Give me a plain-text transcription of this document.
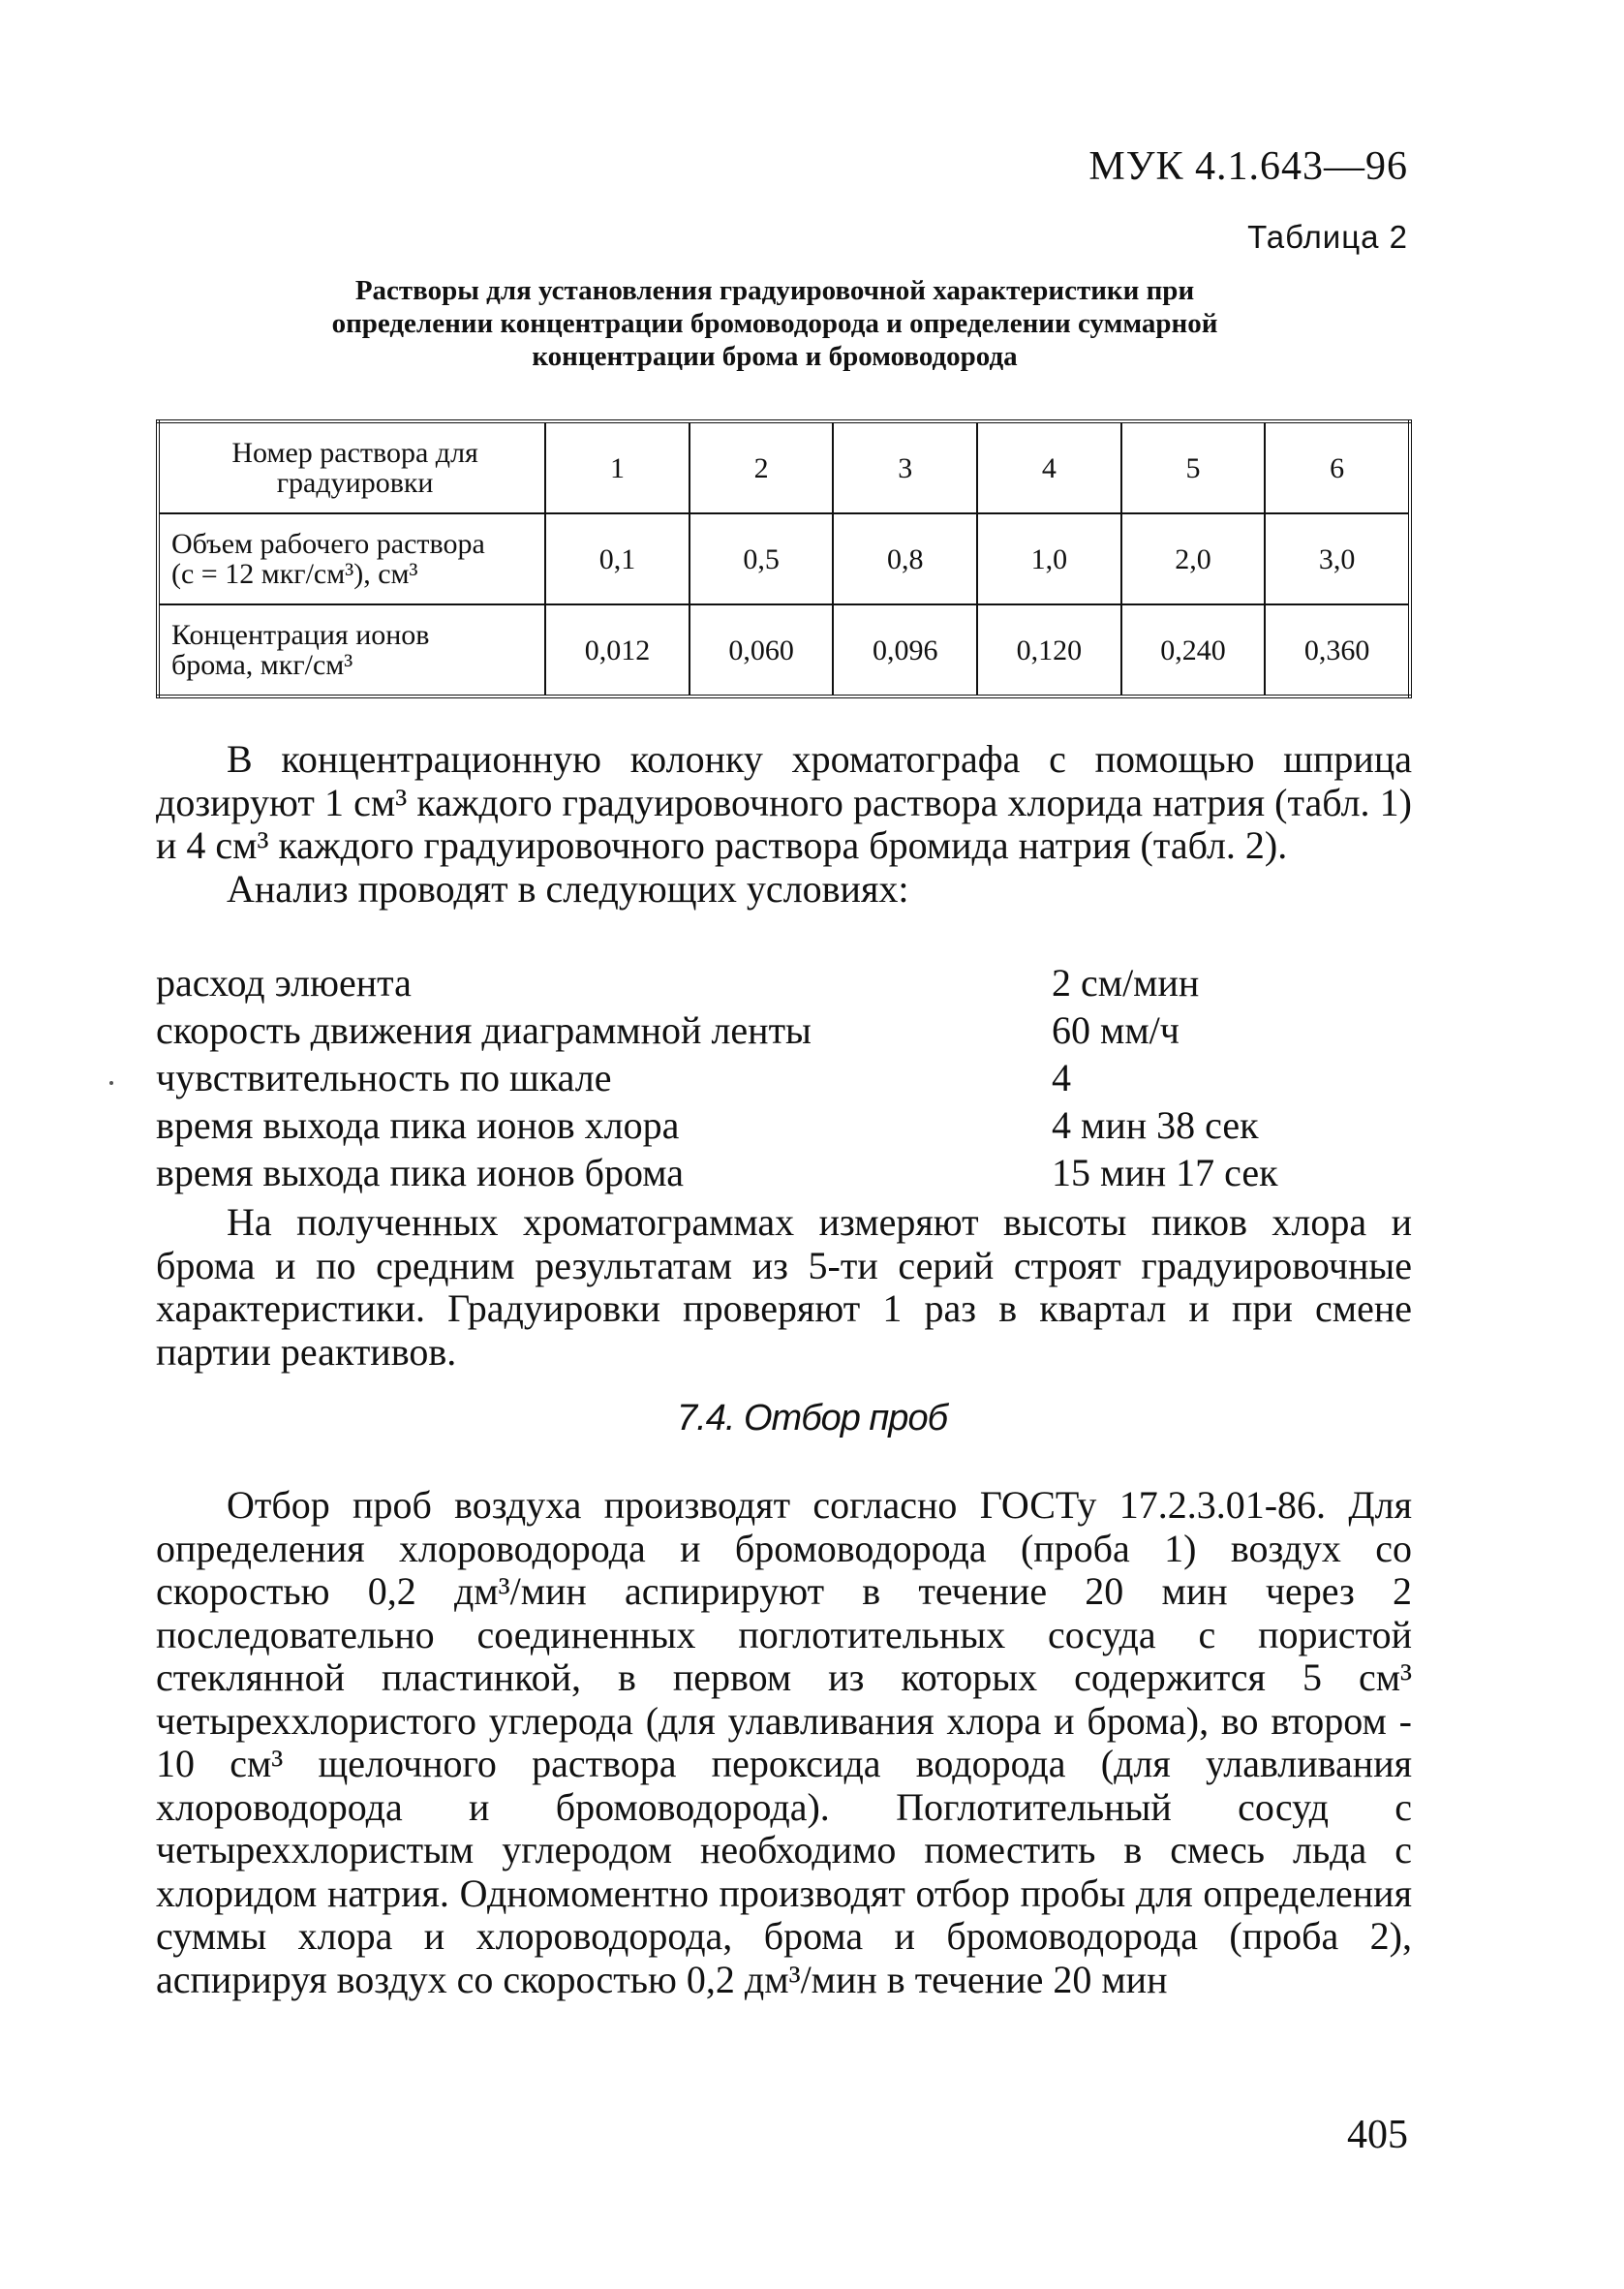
МУК 4.1.643—96
Таблица 2
Растворы для установления градуировочной характеристики при
определении концентрации бромоводорода и определении суммарной
концентрации брома и бромоводорода
Номер раствора для
градуировки	1	2	3	4	5	6

Объем рабочего раствора
(с = 12 мкг/см³), см³	0,1	0,5	0,8	1,0	2,0	3,0

Концентрация ионов
брома, мкг/см³	0,012	0,060	0,096	0,120	0,240	0,360

В концентрационную колонку хроматографа с помощью шприца дозируют 1 см³ каждого градуировочного раствора хлорида натрия (табл. 1) и 4 см³ каждого градуировочного раствора бромида натрия (табл. 2).

Анализ проводят в следующих условиях:

расход элюента	2 см/мин
скорость движения диаграммной ленты	60 мм/ч
чувствительность по шкале	4
время выхода пика ионов хлора	4 мин 38 сек
время выхода пика ионов брома	15 мин 17 сек

На полученных хроматограммах измеряют высоты пиков хлора и брома и по средним результатам из 5-ти серий строят градуировочные характеристики. Градуировки проверяют 1 раз в квартал и при смене партии реактивов.

7.4. Отбор проб

Отбор проб воздуха производят согласно ГОСТу 17.2.3.01-86. Для определения хлороводорода и бромоводорода (проба 1) воздух со скоростью 0,2 дм³/мин аспирируют в течение 20 мин через 2 последовательно соединенных поглотительных сосуда с пористой стеклянной пластинкой, в первом из которых содержится 5 см³ четыреххлористого углерода (для улавливания хлора и брома), во втором - 10 см³ щелочного раствора пероксида водорода (для улавливания хлороводорода и бромоводорода). Поглотительный сосуд с четыреххлористым углеродом необходимо поместить в смесь льда с хлоридом натрия. Одномоментно производят отбор пробы для определения суммы хлора и хлороводорода, брома и бромоводорода (проба 2), аспирируя воздух со скоростью 0,2 дм³/мин в течение 20 мин

405
